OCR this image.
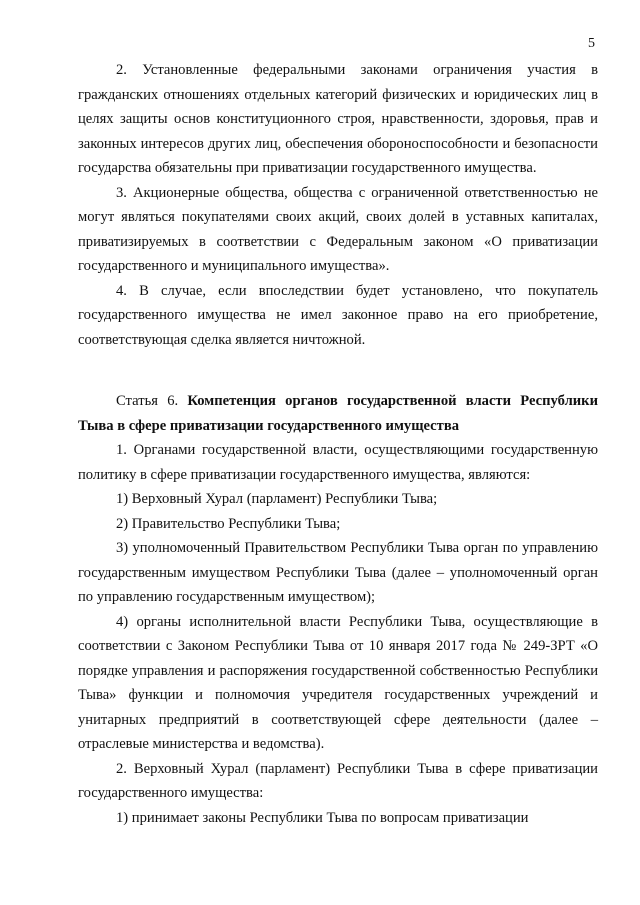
5

2. Установленные федеральными законами ограничения участия в гражданских отношениях отдельных категорий физических и юридических лиц в целях защиты основ конституционного строя, нравственности, здоровья, прав и законных интересов других лиц, обеспечения обороноспособности и безопасности государства обязательны при приватизации государственного имущества.

3. Акционерные общества, общества с ограниченной ответственностью не могут являться покупателями своих акций, своих долей в уставных капиталах, приватизируемых в соответствии с Федеральным законом «О приватизации государственного и муниципального имущества».

4. В случае, если впоследствии будет установлено, что покупатель государственного имущества не имел законное право на его приобретение, соответствующая сделка является ничтожной.

Статья 6. Компетенция органов государственной власти Республики Тыва в сфере приватизации государственного имущества

1. Органами государственной власти, осуществляющими государственную политику в сфере приватизации государственного имущества, являются:

1) Верховный Хурал (парламент) Республики Тыва;

2) Правительство Республики Тыва;

3) уполномоченный Правительством Республики Тыва орган по управлению государственным имуществом Республики Тыва (далее – уполномоченный орган по управлению государственным имуществом);

4) органы исполнительной власти Республики Тыва, осуществляющие в соответствии с Законом Республики Тыва от 10 января 2017 года № 249-ЗРТ «О порядке управления и распоряжения государственной собственностью Республики Тыва» функции и полномочия учредителя государственных учреждений и унитарных предприятий в соответствующей сфере деятельности (далее – отраслевые министерства и ведомства).

2. Верховный Хурал (парламент) Республики Тыва в сфере приватизации государственного имущества:

1) принимает законы Республики Тыва по вопросам приватизации
